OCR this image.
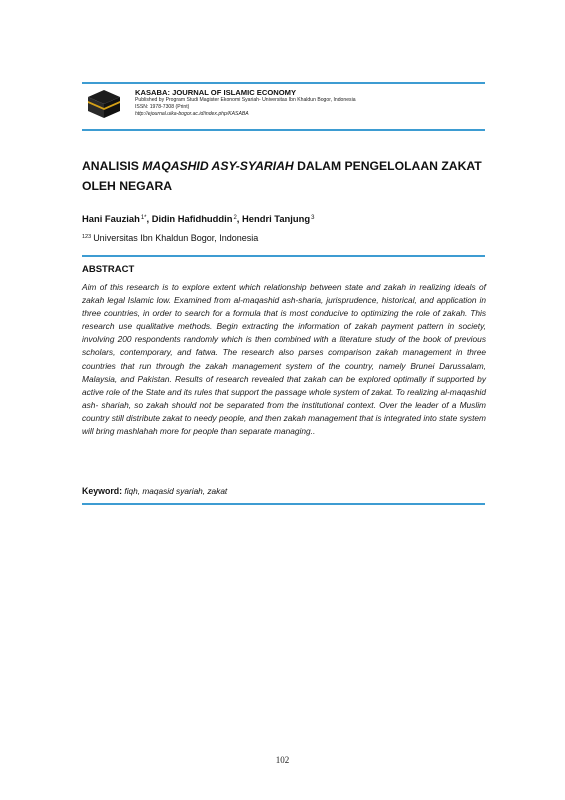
KASABA: JOURNAL OF ISLAMIC ECONOMY
Published by Program Studi Magister Ekonomi Syariah- Universitas Ibn Khaldun Bogor, Indonesia
ISSN: 1978-7308 (Print)
http://ejournal.uika-bogor.ac.id/index.php/KASABA
ANALISIS MAQASHID ASY-SYARIAH DALAM PENGELOLAAN ZAKAT OLEH NEGARA
Hani Fauziah$^{1*}$, Didin Hafidhuddin$^2$, Hendri Tanjung$^3$
$^{123}$ Universitas Ibn Khaldun Bogor, Indonesia
ABSTRACT

Aim of this research is to explore extent which relationship between state and zakah in realizing ideals of zakah legal Islamic low. Examined from al-maqashid ash-sharia, jurisprudence, historical, and application in three countries, in order to search for a formula that is most conducive to optimizing the role of zakah. This research use qualitative methods. Begin extracting the information of zakah payment pattern in society, involving 200 respondents randomly which is then combined with a literature study of the book of previous scholars, contemporary, and fatwa. The research also parses comparison zakah management in three countries that run through the zakah management system of the country, namely Brunei Darussalam, Malaysia, and Pakistan. Results of research revealed that zakah can be explored optimally if supported by active role of the State and its rules that support the passage whole system of zakat. To realizing al-maqashid ash- shariah, so zakah should not be separated from the institutional context. Over the leader of a Muslim country still distribute zakat to needy people, and then zakah management that is integrated into state system will bring mashlahah more for people than separate managing..

Keyword: fiqh, maqasid syariah, zakat
102
